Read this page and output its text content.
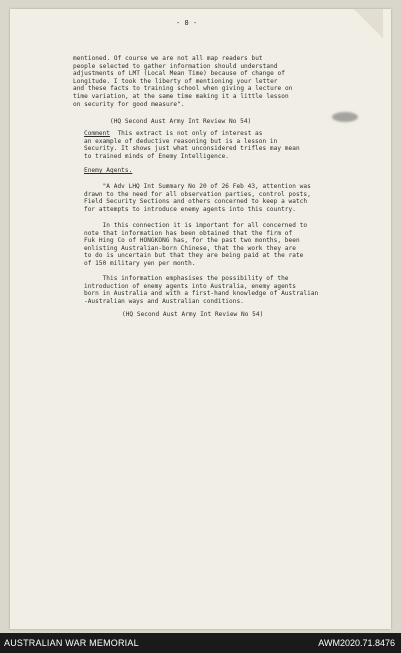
- 8 -
mentioned. Of course we are not all map readers but
people selected to gather information should understand
adjustments of LMT (Local Mean Time) because of change of
Longitude. I took the liberty of mentioning your letter
and these facts to training school when giving a lecture on
time variation, at the same time making it a little lesson
on security for good measure".
(HQ Second Aust Army Int Review No 54)
Comment  This extract is not only of interest as
an example of deductive reasoning but is a lesson in
Security. It shows just what unconsidered trifles may mean
to trained minds of Enemy Intelligence.
Enemy Agents.
"A Adv LHQ Int Summary No 20 of 26 Feb 43, attention was
drawn to the need for all observation parties, control posts,
Field Security Sections and others concerned to keep a watch
for attempts to introduce enemy agents into this country.
In this connection it is important for all concerned to
note that information has been obtained that the firm of
Fuk Hing Co of HONGKONG has, for the past two months, been
enlisting Australian-born Chinese, that the work they are
to do is uncertain but that they are being paid at the rate
of 150 military yen per month.
This information emphasises the possibility of the
introduction of enemy agents into Australia, enemy agents
born in Australia and with a first-hand knowledge of Australian
-Australian ways and Australian conditions.
(HQ Second Aust Army Int Review No 54)
AUSTRALIAN WAR MEMORIAL	AWM2020.71.8476
